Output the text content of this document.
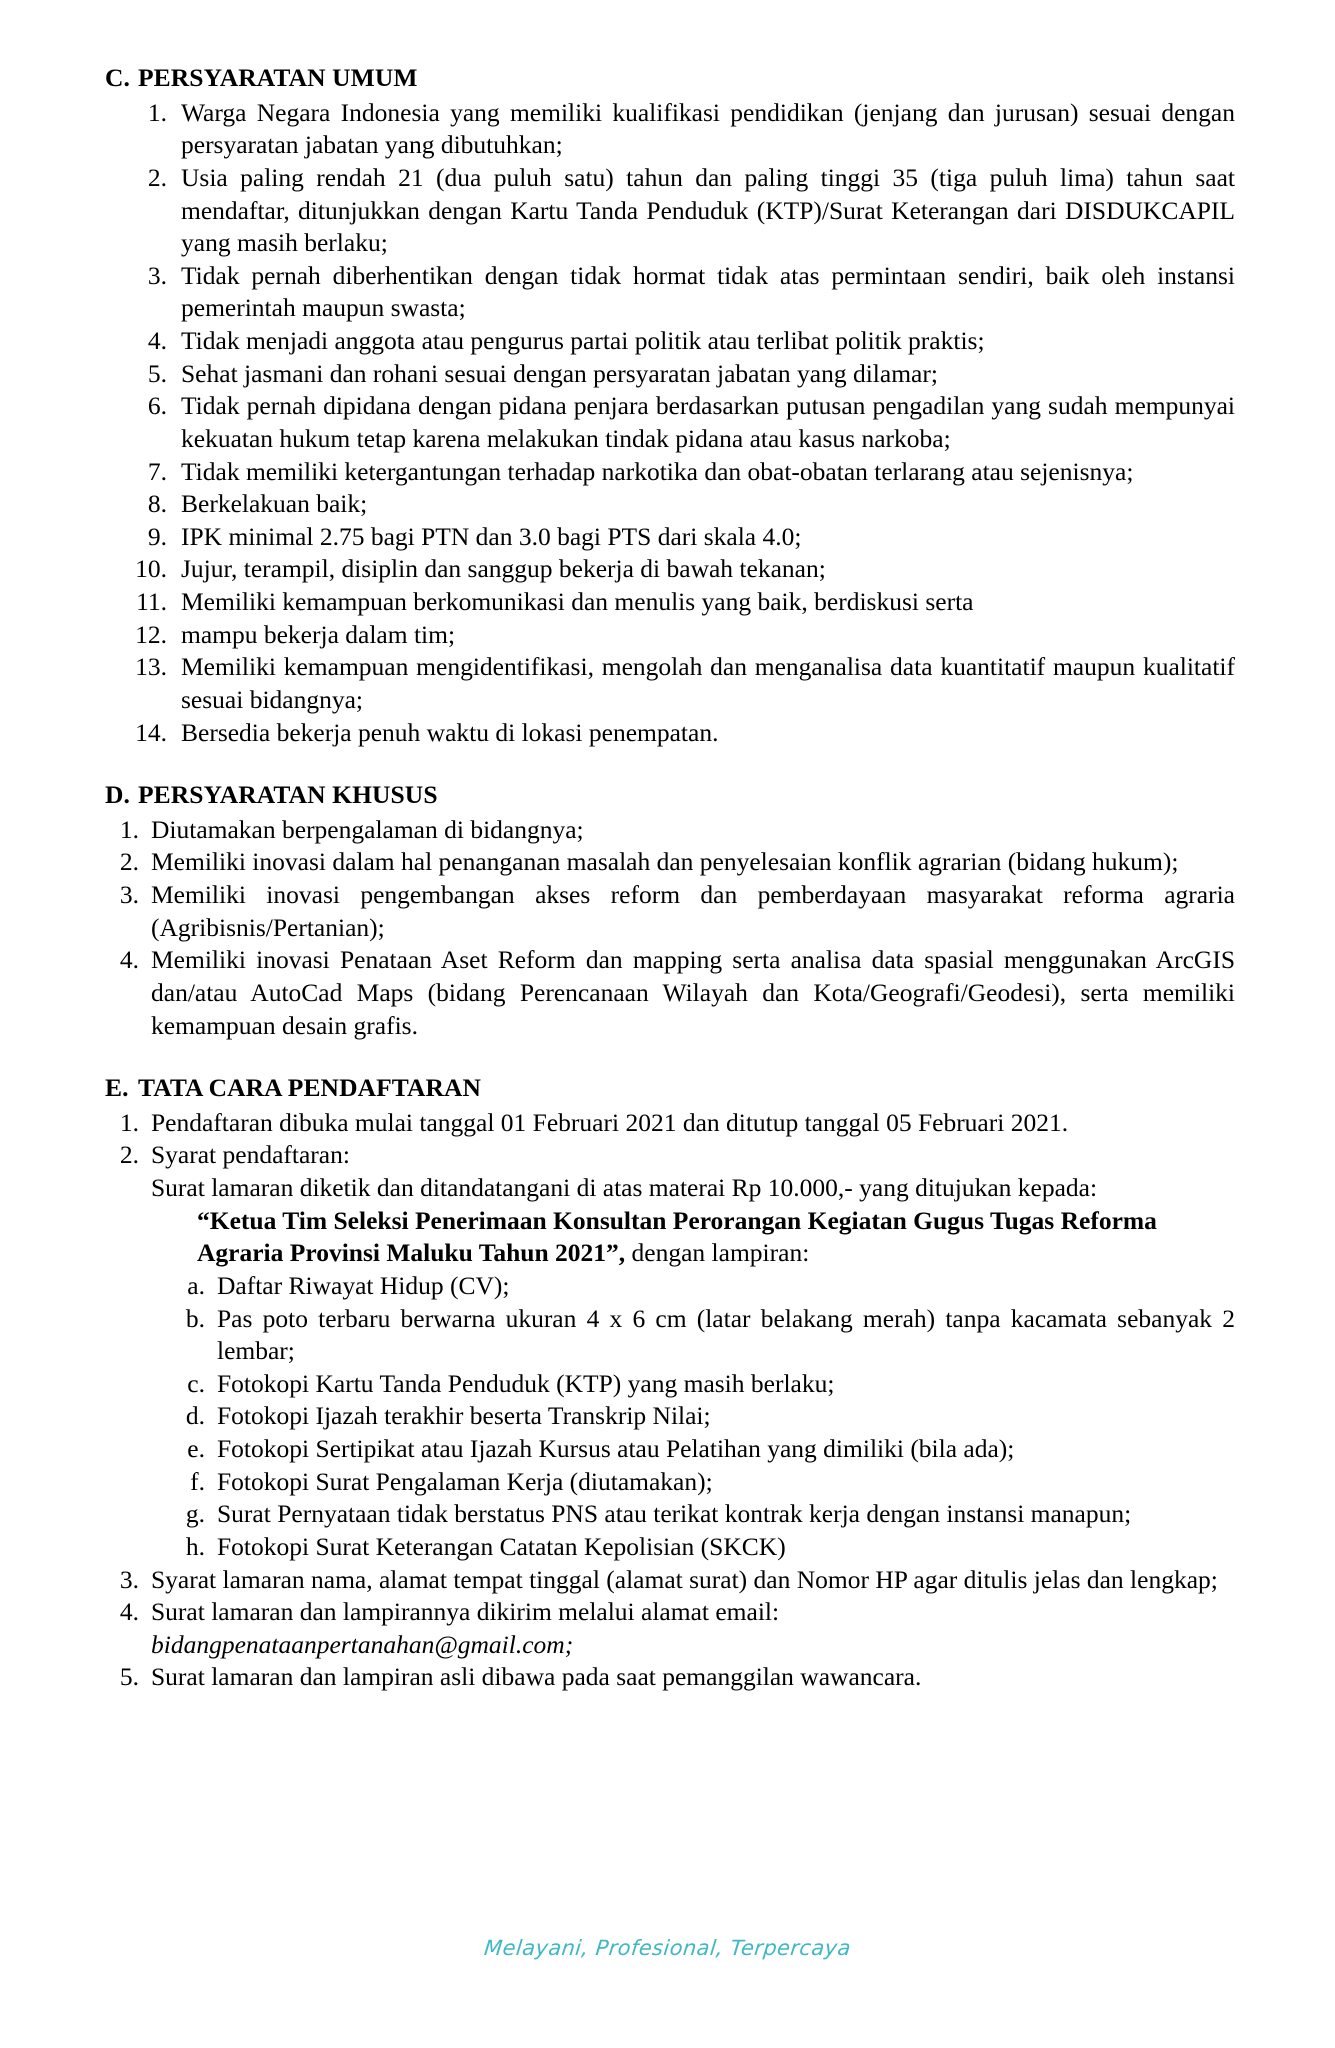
C. PERSYARATAN UMUM
1. Warga Negara Indonesia yang memiliki kualifikasi pendidikan (jenjang dan jurusan) sesuai dengan persyaratan jabatan yang dibutuhkan;
2. Usia paling rendah 21 (dua puluh satu) tahun dan paling tinggi 35 (tiga puluh lima) tahun saat mendaftar, ditunjukkan dengan Kartu Tanda Penduduk (KTP)/Surat Keterangan dari DISDUKCAPIL yang masih berlaku;
3. Tidak pernah diberhentikan dengan tidak hormat tidak atas permintaan sendiri, baik oleh instansi pemerintah maupun swasta;
4. Tidak menjadi anggota atau pengurus partai politik atau terlibat politik praktis;
5. Sehat jasmani dan rohani sesuai dengan persyaratan jabatan yang dilamar;
6. Tidak pernah dipidana dengan pidana penjara berdasarkan putusan pengadilan yang sudah mempunyai kekuatan hukum tetap karena melakukan tindak pidana atau kasus narkoba;
7. Tidak memiliki ketergantungan terhadap narkotika dan obat-obatan terlarang atau sejenisnya;
8. Berkelakuan baik;
9. IPK minimal 2.75 bagi PTN dan 3.0 bagi PTS dari skala 4.0;
10. Jujur, terampil, disiplin dan sanggup bekerja di bawah tekanan;
11. Memiliki kemampuan berkomunikasi dan menulis yang baik, berdiskusi serta
12. mampu bekerja dalam tim;
13. Memiliki kemampuan mengidentifikasi, mengolah dan menganalisa data kuantitatif maupun kualitatif sesuai bidangnya;
14. Bersedia bekerja penuh waktu di lokasi penempatan.
D. PERSYARATAN KHUSUS
1. Diutamakan berpengalaman di bidangnya;
2. Memiliki inovasi dalam hal penanganan masalah dan penyelesaian konflik agrarian (bidang hukum);
3. Memiliki inovasi pengembangan akses reform dan pemberdayaan masyarakat reforma agraria (Agribisnis/Pertanian);
4. Memiliki inovasi Penataan Aset Reform dan mapping serta analisa data spasial menggunakan ArcGIS dan/atau AutoCad Maps (bidang Perencanaan Wilayah dan Kota/Geografi/Geodesi), serta memiliki kemampuan desain grafis.
E. TATA CARA PENDAFTARAN
1. Pendaftaran dibuka mulai tanggal 01 Februari 2021 dan ditutup tanggal 05 Februari 2021.
2. Syarat pendaftaran:
Surat lamaran diketik dan ditandatangani di atas materai Rp 10.000,- yang ditujukan kepada:
“Ketua Tim Seleksi Penerimaan Konsultan Perorangan Kegiatan Gugus Tugas Reforma Agraria Provinsi Maluku Tahun 2021”, dengan lampiran:
a. Daftar Riwayat Hidup (CV);
b. Pas poto terbaru berwarna ukuran 4 x 6 cm (latar belakang merah) tanpa kacamata sebanyak 2 lembar;
c. Fotokopi Kartu Tanda Penduduk (KTP) yang masih berlaku;
d. Fotokopi Ijazah terakhir beserta Transkrip Nilai;
e. Fotokopi Sertipikat atau Ijazah Kursus atau Pelatihan yang dimiliki (bila ada);
f. Fotokopi Surat Pengalaman Kerja (diutamakan);
g. Surat Pernyataan tidak berstatus PNS atau terikat kontrak kerja dengan instansi manapun;
h. Fotokopi Surat Keterangan Catatan Kepolisian (SKCK)
3. Syarat lamaran nama, alamat tempat tinggal (alamat surat) dan Nomor HP agar ditulis jelas dan lengkap;
4. Surat lamaran dan lampirannya dikirim melalui alamat email:
bidangpenataanpertanahan@gmail.com;
5. Surat lamaran dan lampiran asli dibawa pada saat pemanggilan wawancara.
Melayani, Profesional, Terpercaya
